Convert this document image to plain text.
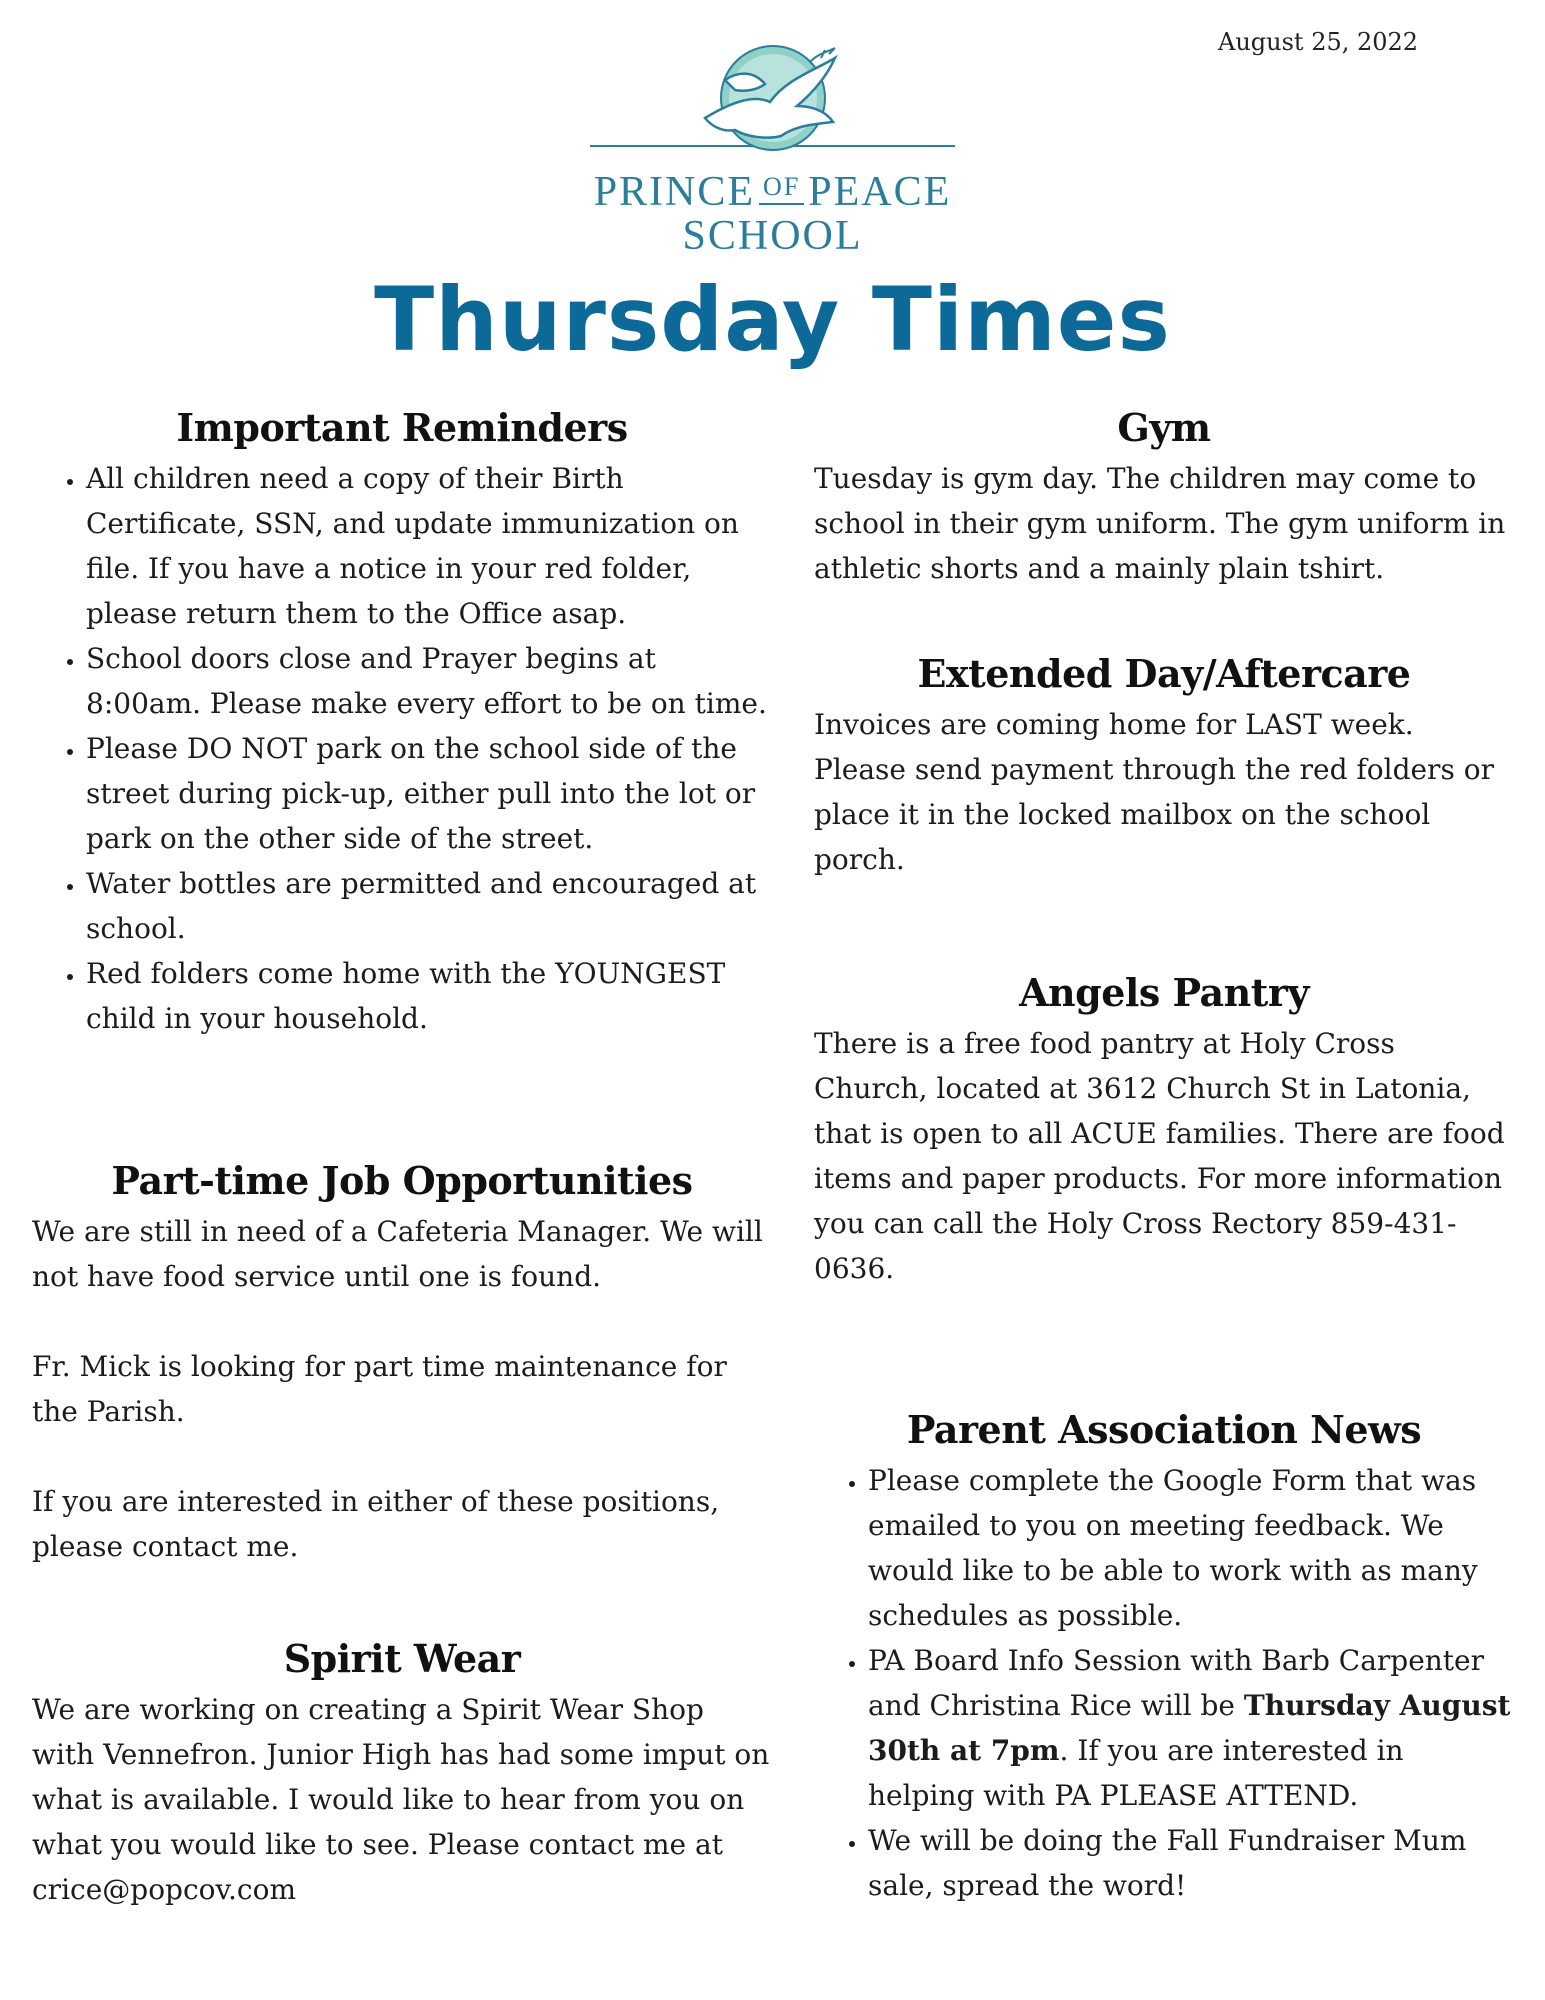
August 25, 2022
PRINCE $^{OF}$ PEACE
SCHOOL
Thursday Times
Important Reminders
• All children need a copy of their Birth Certificate, SSN, and update immunization on file. If you have a notice in your red folder, please return them to the Office asap.
• School doors close and Prayer begins at 8:00am. Please make every effort to be on time.
• Please DO NOT park on the school side of the street during pick-up, either pull into the lot or park on the other side of the street.
• Water bottles are permitted and encouraged at school.
• Red folders come home with the YOUNGEST child in your household.
Part-time Job Opportunities

We are still in need of a Cafeteria Manager. We will not have food service until one is found.

Fr. Mick is looking for part time maintenance for the Parish.

If you are interested in either of these positions, please contact me.

Spirit Wear

We are working on creating a Spirit Wear Shop with Vennefron. Junior High has had some imput on what is available. I would like to hear from you on what you would like to see. Please contact me at crice@popcov.com

Gym

Tuesday is gym day. The children may come to school in their gym uniform. The gym uniform in athletic shorts and a mainly plain tshirt.

Extended Day/Aftercare

Invoices are coming home for LAST week. Please send payment through the red folders or place it in the locked mailbox on the school porch.

Angels Pantry

There is a free food pantry at Holy Cross Church, located at 3612 Church St in Latonia, that is open to all ACUE families. There are food items and paper products. For more information you can call the Holy Cross Rectory 859-431-0636.

Parent Association News
• Please complete the Google Form that was emailed to you on meeting feedback. We would like to be able to work with as many schedules as possible.
• PA Board Info Session with Barb Carpenter and Christina Rice will be Thursday August 30th at 7pm. If you are interested in helping with PA PLEASE ATTEND.
• We will be doing the Fall Fundraiser Mum sale, spread the word!
